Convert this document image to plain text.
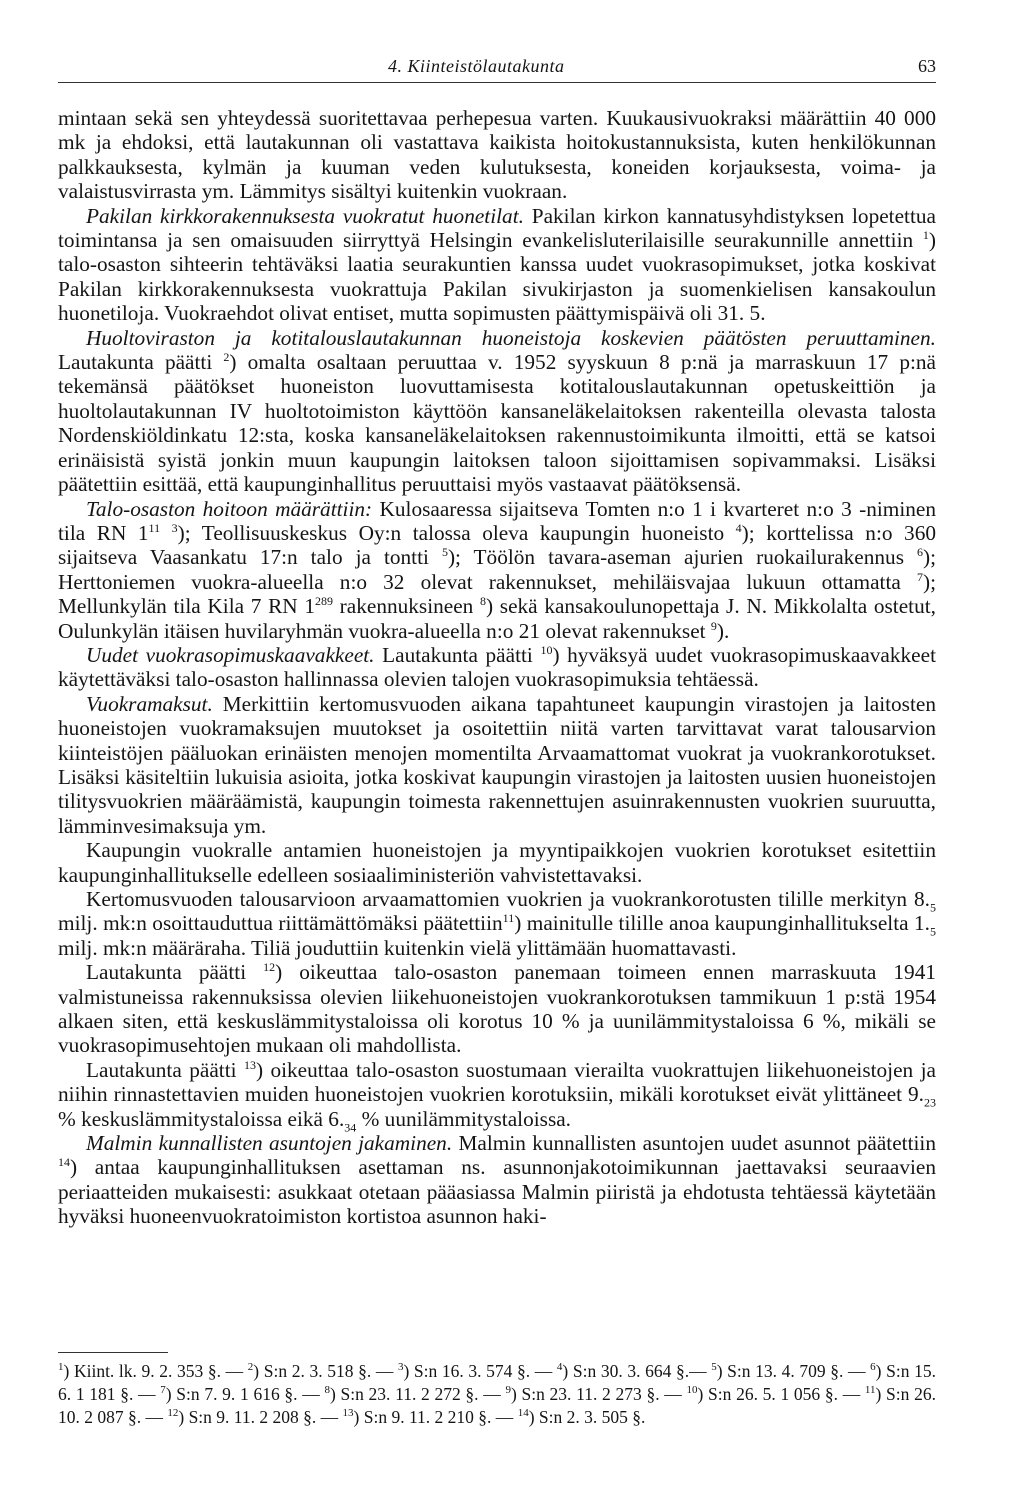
4. Kiinteistölautakunta	63

mintaan sekä sen yhteydessä suoritettavaa perhepesua varten. Kuukausivuokraksi määrättiin 40 000 mk ja ehdoksi, että lautakunnan oli vastattava kaikista hoitokustannuksista, kuten henkilökunnan palkkauksesta, kylmän ja kuuman veden kulutuksesta, koneiden korjauksesta, voima- ja valaistusvirrasta ym. Lämmitys sisältyi kuitenkin vuokraan.

Pakilan kirkkorakennuksesta vuokratut huonetilat. Pakilan kirkon kannatusyhdistyksen lopetettua toimintansa ja sen omaisuuden siirryttyä Helsingin evankelisluterilaisille seurakunnille annettiin $^1$) talo-osaston sihteerin tehtäväksi laatia seurakuntien kanssa uudet vuokrasopimukset, jotka koskivat Pakilan kirkkorakennuksesta vuokrattuja Pakilan sivukirjaston ja suomenkielisen kansakoulun huonetiloja. Vuokraehdot olivat entiset, mutta sopimusten päättymispäivä oli 31. 5.

Huoltoviraston ja kotitalouslautakunnan huoneistoja koskevien päätösten peruuttaminen. Lautakunta päätti $^2$) omalta osaltaan peruuttaa v. 1952 syyskuun 8 p:nä ja marraskuun 17 p:nä tekemänsä päätökset huoneiston luovuttamisesta kotitalouslautakunnan opetuskeittiön ja huoltolautakunnan IV huoltotoimiston käyttöön kansaneläkelaitoksen rakenteilla olevasta talosta Nordenskiöldinkatu 12:sta, koska kansaneläkelaitoksen rakennustoimikunta ilmoitti, että se katsoi erinäisistä syistä jonkin muun kaupungin laitoksen taloon sijoittamisen sopivammaksi. Lisäksi päätettiin esittää, että kaupunginhallitus peruuttaisi myös vastaavat päätöksensä.

Talo-osaston hoitoon määrättiin: Kulosaaressa sijaitseva Tomten n:o 1 i kvarteret n:o 3 -niminen tila RN $1^{11}$ $^3$); Teollisuuskeskus Oy:n talossa oleva kaupungin huoneisto $^4$); korttelissa n:o 360 sijaitseva Vaasankatu 17:n talo ja tontti $^5$); Töölön tavara-aseman ajurien ruokailurakennus $^6$); Herttoniemen vuokra-alueella n:o 32 olevat rakennukset, mehiläisvajaa lukuun ottamatta $^7$); Mellunkylän tila Kila 7 RN $1^{289}$ rakennuksineen $^8$) sekä kansakoulunopettaja J. N. Mikkolalta ostetut, Oulunkylän itäisen huvilaryhmän vuokra-alueella n:o 21 olevat rakennukset $^9$).

Uudet vuokrasopimuskaavakkeet. Lautakunta päätti $^{10}$) hyväksyä uudet vuokrasopimuskaavakkeet käytettäväksi talo-osaston hallinnassa olevien talojen vuokrasopimuksia tehtäessä.

Vuokramaksut. Merkittiin kertomusvuoden aikana tapahtuneet kaupungin virastojen ja laitosten huoneistojen vuokramaksujen muutokset ja osoitettiin niitä varten tarvittavat varat talousarvion kiinteistöjen pääluokan erinäisten menojen momentilta Arvaamattomat vuokrat ja vuokrankorotukset. Lisäksi käsiteltiin lukuisia asioita, jotka koskivat kaupungin virastojen ja laitosten uusien huoneistojen tilitysvuokrien määräämistä, kaupungin toimesta rakennettujen asuinrakennusten vuokrien suuruutta, lämminvesimaksuja ym.

Kaupungin vuokralle antamien huoneistojen ja myyntipaikkojen vuokrien korotukset esitettiin kaupunginhallitukselle edelleen sosiaaliministeriön vahvistettavaksi.

Kertomusvuoden talousarvioon arvaamattomien vuokrien ja vuokrankorotusten tilille merkityn $8._5$ milj. mk:n osoittauduttua riittämättömäksi päätettiin$^{11}$) mainitulle tilille anoa kaupunginhallitukselta $1._5$ milj. mk:n määräraha. Tiliä jouduttiin kuitenkin vielä ylittämään huomattavasti.

Lautakunta päätti $^{12}$) oikeuttaa talo-osaston panemaan toimeen ennen marraskuuta 1941 valmistuneissa rakennuksissa olevien liikehuoneistojen vuokrankorotuksen tammikuun 1 p:stä 1954 alkaen siten, että keskuslämmitystaloissa oli korotus 10 % ja uunilämmitystaloissa 6 %, mikäli se vuokrasopimusehtojen mukaan oli mahdollista.

Lautakunta päätti $^{13}$) oikeuttaa talo-osaston suostumaan vierailta vuokrattujen liikehuoneistojen ja niihin rinnastettavien muiden huoneistojen vuokrien korotuksiin, mikäli korotukset eivät ylittäneet $9._{23}$ % keskuslämmitystaloissa eikä $6._{34}$ % uunilämmitystaloissa.

Malmin kunnallisten asuntojen jakaminen. Malmin kunnallisten asuntojen uudet asunnot päätettiin $^{14}$) antaa kaupunginhallituksen asettaman ns. asunnonjakotoimikunnan jaettavaksi seuraavien periaatteiden mukaisesti: asukkaat otetaan pääasiassa Malmin piiristä ja ehdotusta tehtäessä käytetään hyväksi huoneenvuokratoimiston kortistoa asunnon haki-

$^1$) Kiint. lk. 9. 2. 353 §. — $^2$) S:n 2. 3. 518 §. — $^3$) S:n 16. 3. 574 §. — $^4$) S:n 30. 3. 664 §.— $^5$) S:n 13. 4. 709 §. — $^6$) S:n 15. 6. 1 181 §. — $^7$) S:n 7. 9. 1 616 §. — $^8$) S:n 23. 11. 2 272 §. — $^9$) S:n 23. 11. 2 273 §. — $^{10}$) S:n 26. 5. 1 056 §. — $^{11}$) S:n 26. 10. 2 087 §. — $^{12}$) S:n 9. 11. 2 208 §. — $^{13}$) S:n 9. 11. 2 210 §. — $^{14}$) S:n 2. 3. 505 §.
